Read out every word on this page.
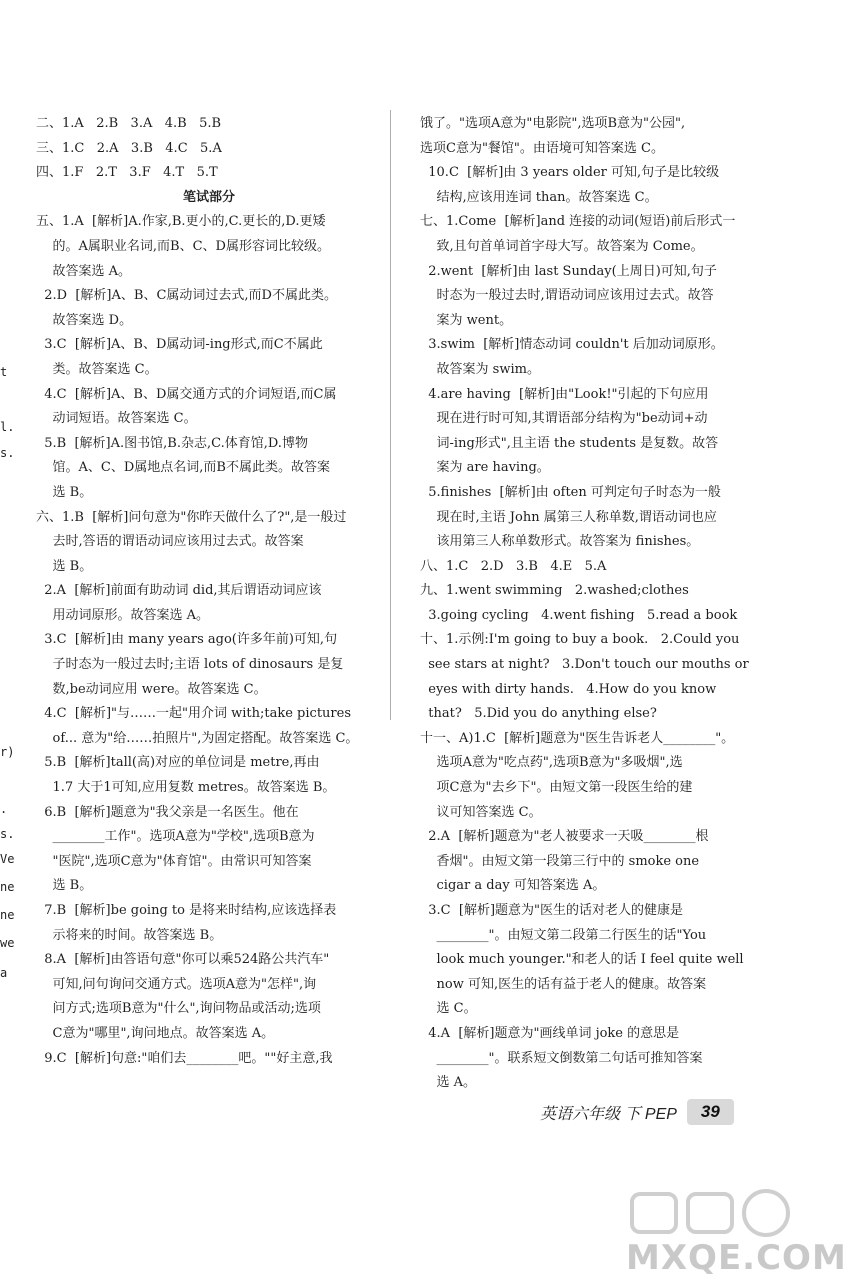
二、1.A   2.B   3.A   4.B   5.B
三、1.C   2.A   3.B   4.C   5.A
四、1.F   2.T   3.F   4.T   5.T
笔试部分
五、1.A  [解析]A.作家,B.更小的,C.更长的,D.更矮
的。A属职业名词,而B、C、D属形容词比较级。
故答案选 A。
2.D  [解析]A、B、C属动词过去式,而D不属此类。
故答案选 D。
3.C  [解析]A、B、D属动词-ing形式,而C不属此
类。故答案选 C。
4.C  [解析]A、B、D属交通方式的介词短语,而C属
动词短语。故答案选 C。
5.B  [解析]A.图书馆,B.杂志,C.体育馆,D.博物
馆。A、C、D属地点名词,而B不属此类。故答案
选 B。
六、1.B  [解析]问句意为"你昨天做什么了?",是一般过
去时,答语的谓语动词应该用过去式。故答案
选 B。
2.A  [解析]前面有助动词 did,其后谓语动词应该
用动词原形。故答案选 A。
3.C  [解析]由 many years ago(许多年前)可知,句
子时态为一般过去时;主语 lots of dinosaurs 是复
数,be动词应用 were。故答案选 C。
4.C  [解析]"与……一起"用介词 with;take pictures
of... 意为"给……拍照片",为固定搭配。故答案选 C。
5.B  [解析]tall(高)对应的单位词是 metre,再由
1.7 大于1可知,应用复数 metres。故答案选 B。
6.B  [解析]题意为"我父亲是一名医生。他在
________工作"。选项A意为"学校",选项B意为
"医院",选项C意为"体育馆"。由常识可知答案
选 B。
7.B  [解析]be going to 是将来时结构,应该选择表
示将来的时间。故答案选 B。
8.A  [解析]由答语句意"你可以乘524路公共汽车"
可知,问句询问交通方式。选项A意为"怎样",询
问方式;选项B意为"什么",询问物品或活动;选项
C意为"哪里",询问地点。故答案选 A。
9.C  [解析]句意:"咱们去________吧。""好主意,我
饿了。"选项A意为"电影院",选项B意为"公园",
选项C意为"餐馆"。由语境可知答案选 C。
10.C  [解析]由 3 years older 可知,句子是比较级
结构,应该用连词 than。故答案选 C。
七、1.Come  [解析]and 连接的动词(短语)前后形式一
致,且句首单词首字母大写。故答案为 Come。
2.went  [解析]由 last Sunday(上周日)可知,句子
时态为一般过去时,谓语动词应该用过去式。故答
案为 went。
3.swim  [解析]情态动词 couldn't 后加动词原形。
故答案为 swim。
4.are having  [解析]由"Look!"引起的下句应用
现在进行时可知,其谓语部分结构为"be动词+动
词-ing形式",且主语 the students 是复数。故答
案为 are having。
5.finishes  [解析]由 often 可判定句子时态为一般
现在时,主语 John 属第三人称单数,谓语动词也应
该用第三人称单数形式。故答案为 finishes。
八、1.C   2.D   3.B   4.E   5.A
九、1.went swimming   2.washed;clothes
3.going cycling   4.went fishing   5.read a book
十、1.示例:I'm going to buy a book.   2.Could you
see stars at night?   3.Don't touch our mouths or
eyes with dirty hands.   4.How do you know
that?   5.Did you do anything else?
十一、A)1.C  [解析]题意为"医生告诉老人________"。
选项A意为"吃点药",选项B意为"多吸烟",选
项C意为"去乡下"。由短文第一段医生给的建
议可知答案选 C。
2.A  [解析]题意为"老人被要求一天吸________根
香烟"。由短文第一段第三行中的 smoke one
cigar a day 可知答案选 A。
3.C  [解析]题意为"医生的话对老人的健康是
________"。由短文第二段第二行医生的话"You
look much younger."和老人的话 I feel quite well
now 可知,医生的话有益于老人的健康。故答案
选 C。
4.A  [解析]题意为"画线单词 joke 的意思是
________"。联系短文倒数第二句话可推知答案
选 A。
t
l.
s.
r)
.
s.
Ve
ne
ne
we
a
英语六年级 下 PEP	39
MXQE.COM
